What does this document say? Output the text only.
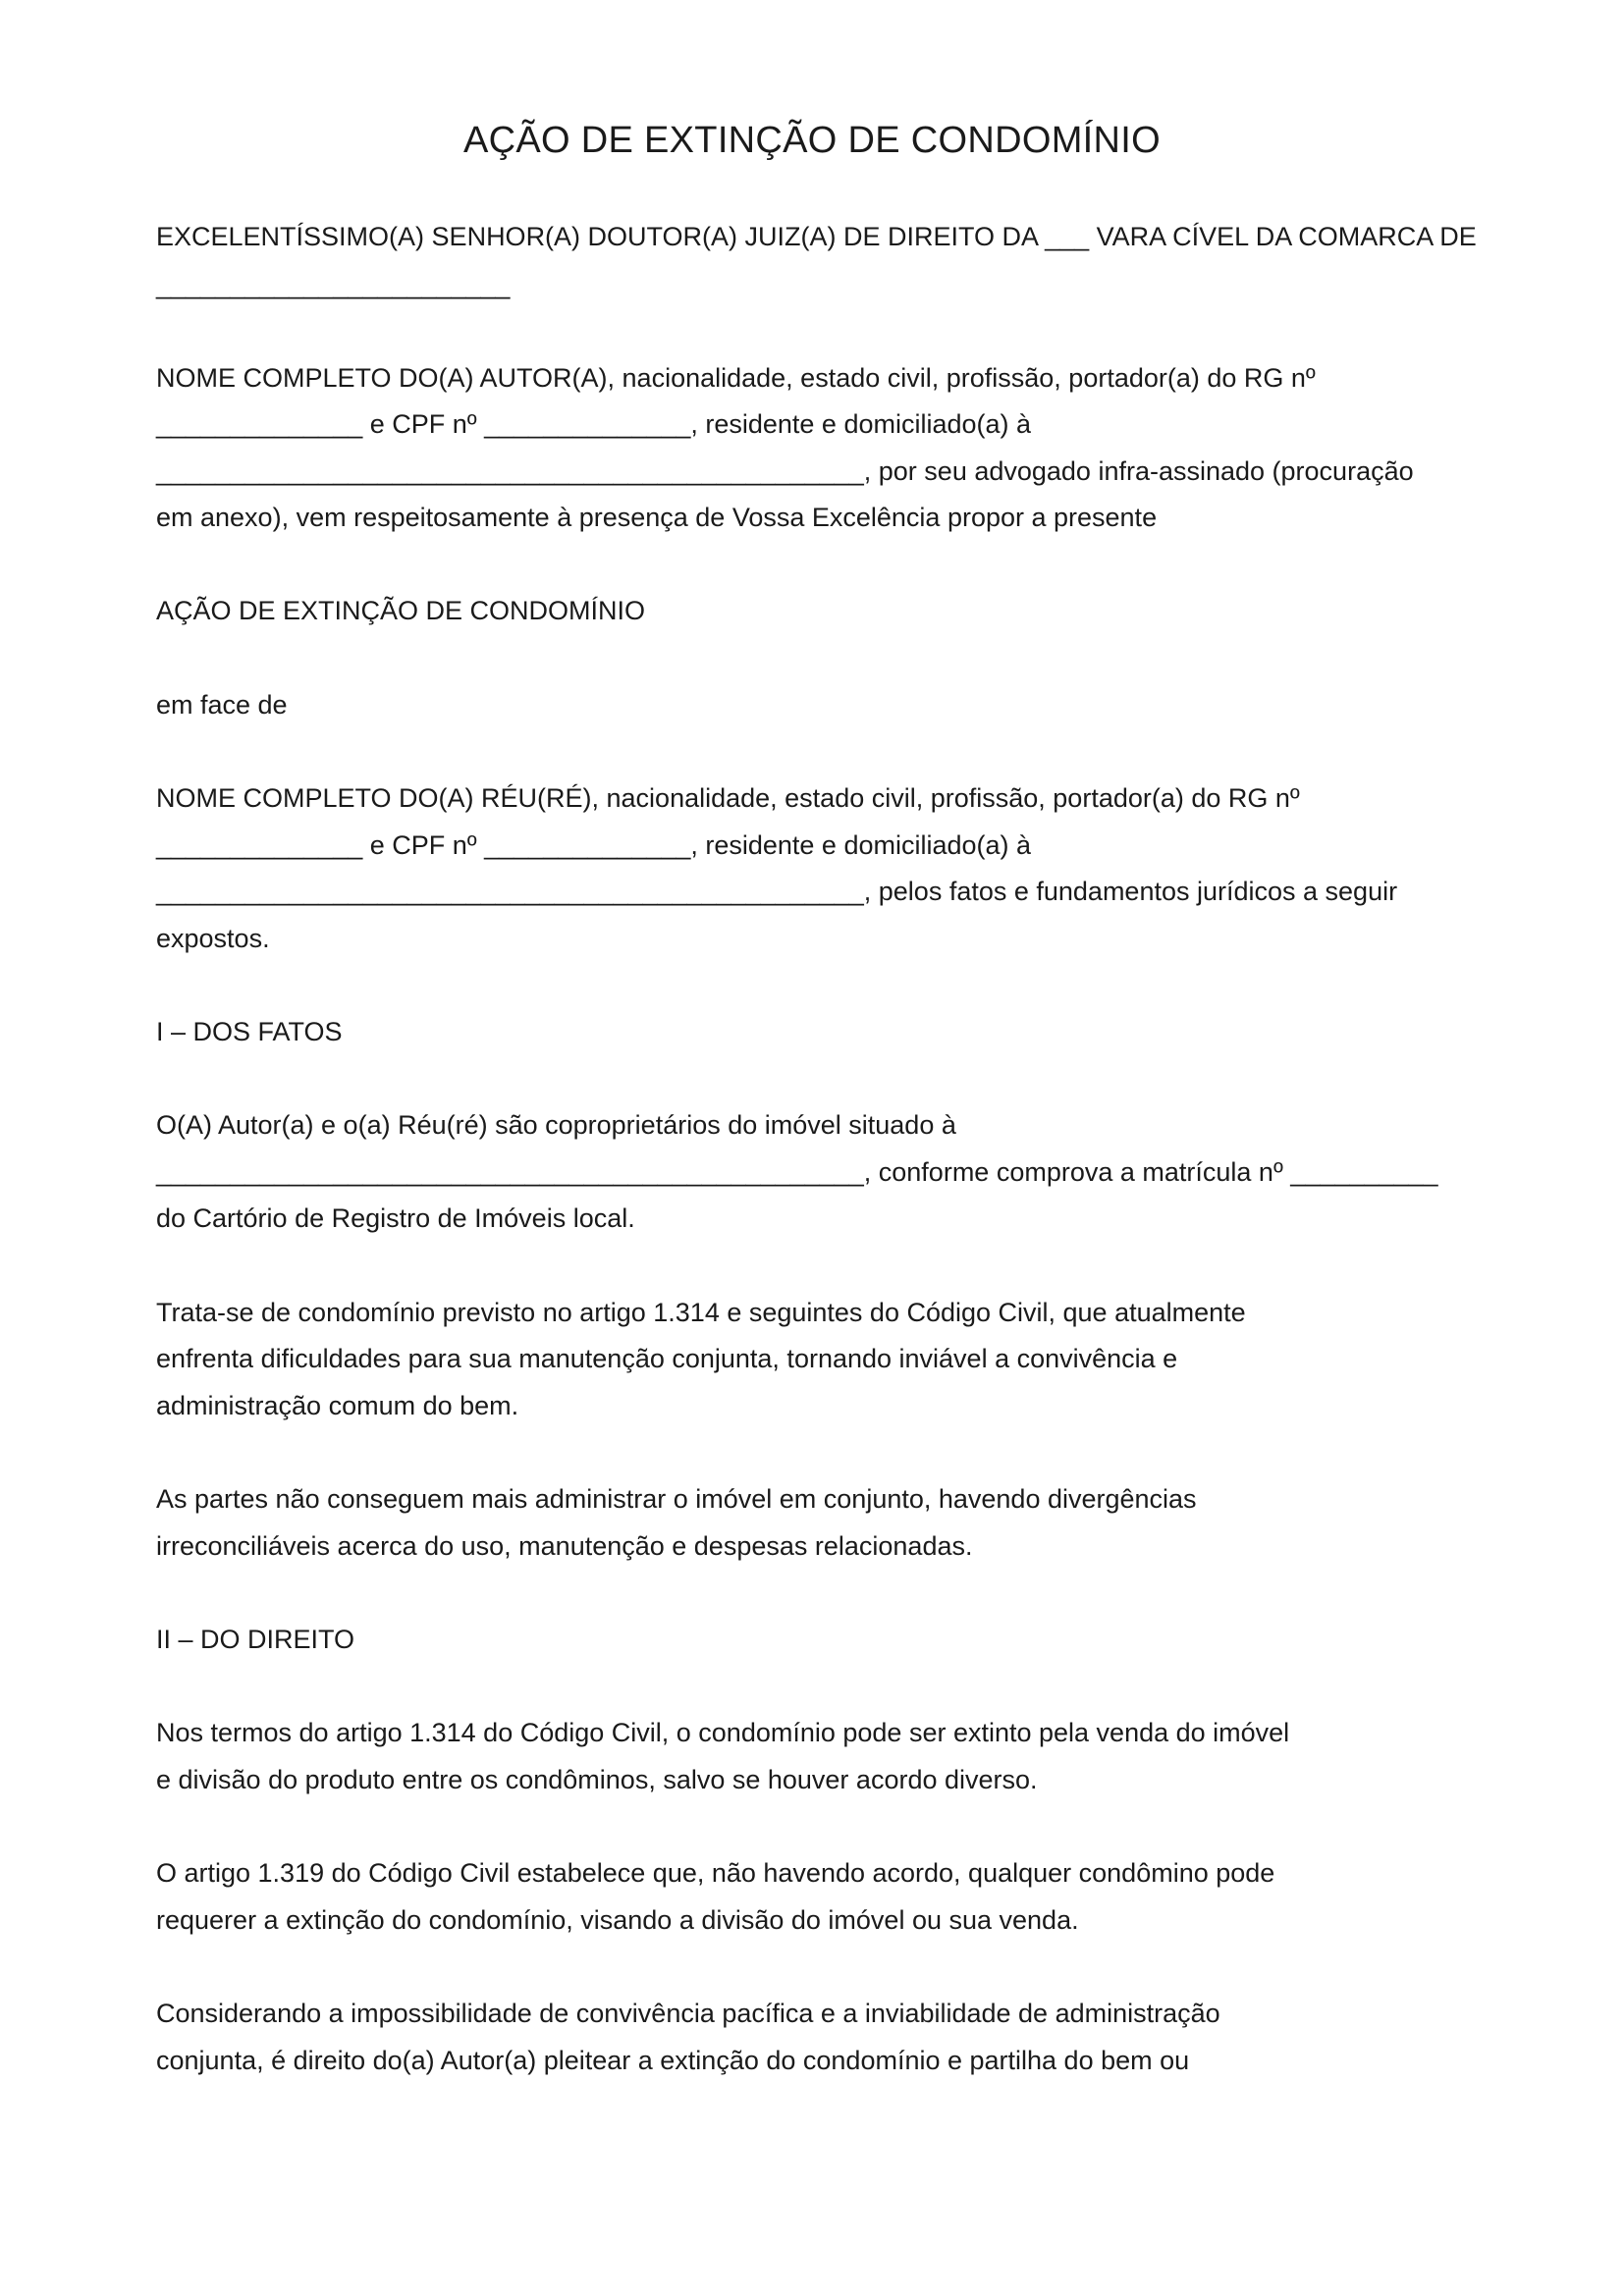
AÇÃO DE EXTINÇÃO DE CONDOMÍNIO

EXCELENTÍSSIMO(A) SENHOR(A) DOUTOR(A) JUIZ(A) DE DIREITO DA ___ VARA CÍVEL DA COMARCA DE

________________________

NOME COMPLETO DO(A) AUTOR(A), nacionalidade, estado civil, profissão, portador(a) do RG nº

______________ e CPF nº ______________, residente e domiciliado(a) à

________________________________________________, por seu advogado infra-assinado (procuração

em anexo), vem respeitosamente à presença de Vossa Excelência propor a presente

AÇÃO DE EXTINÇÃO DE CONDOMÍNIO

em face de

NOME COMPLETO DO(A) RÉU(RÉ), nacionalidade, estado civil, profissão, portador(a) do RG nº

______________ e CPF nº ______________, residente e domiciliado(a) à

________________________________________________, pelos fatos e fundamentos jurídicos a seguir

expostos.

I – DOS FATOS

O(A) Autor(a) e o(a) Réu(ré) são coproprietários do imóvel situado à

________________________________________________, conforme comprova a matrícula nº __________

do Cartório de Registro de Imóveis local.

Trata-se de condomínio previsto no artigo 1.314 e seguintes do Código Civil, que atualmente

enfrenta dificuldades para sua manutenção conjunta, tornando inviável a convivência e

administração comum do bem.

As partes não conseguem mais administrar o imóvel em conjunto, havendo divergências

irreconciliáveis acerca do uso, manutenção e despesas relacionadas.

II – DO DIREITO

Nos termos do artigo 1.314 do Código Civil, o condomínio pode ser extinto pela venda do imóvel

e divisão do produto entre os condôminos, salvo se houver acordo diverso.

O artigo 1.319 do Código Civil estabelece que, não havendo acordo, qualquer condômino pode

requerer a extinção do condomínio, visando a divisão do imóvel ou sua venda.

Considerando a impossibilidade de convivência pacífica e a inviabilidade de administração

conjunta, é direito do(a) Autor(a) pleitear a extinção do condomínio e partilha do bem ou
